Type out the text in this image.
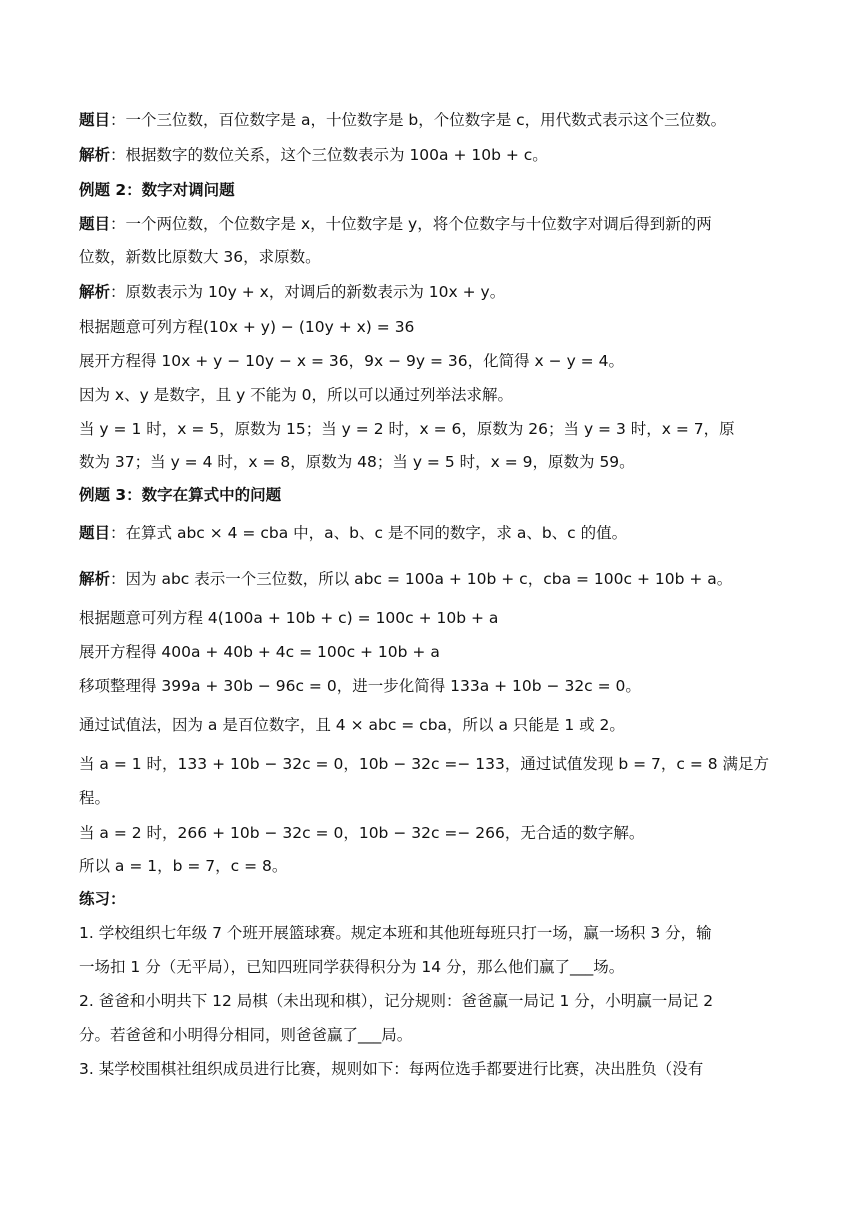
题目：一个三位数，百位数字是 a，十位数字是 b，个位数字是 c，用代数式表示这个三位数。

解析：根据数字的数位关系，这个三位数表示为 100a + 10b + c。

例题 2：数字对调问题

题目：一个两位数，个位数字是 x，十位数字是 y，将个位数字与十位数字对调后得到新的两

位数，新数比原数大 36，求原数。

解析：原数表示为 10y + x，对调后的新数表示为 10x + y。

根据题意可列方程(10x + y) − (10y + x) = 36

展开方程得 10x + y − 10y − x = 36，9x − 9y = 36，化简得 x − y = 4。

因为 x、y 是数字，且 y 不能为 0，所以可以通过列举法求解。

当 y = 1 时，x = 5，原数为 15；当 y = 2 时，x = 6，原数为 26；当 y = 3 时，x = 7，原

数为 37；当 y = 4 时，x = 8，原数为 48；当 y = 5 时，x = 9，原数为 59。

例题 3：数字在算式中的问题

题目：在算式 abc × 4 = cba 中，a、b、c 是不同的数字，求 a、b、c 的值。

解析：因为 abc 表示一个三位数，所以 abc = 100a + 10b + c，cba = 100c + 10b + a。

根据题意可列方程 4(100a + 10b + c) = 100c + 10b + a

展开方程得 400a + 40b + 4c = 100c + 10b + a

移项整理得 399a + 30b − 96c = 0，进一步化简得 133a + 10b − 32c = 0。

通过试值法，因为 a 是百位数字，且 4 × abc = cba，所以 a 只能是 1 或 2。

当 a = 1 时，133 + 10b − 32c = 0，10b − 32c =− 133，通过试值发现 b = 7，c = 8 满足方

程。

当 a = 2 时，266 + 10b − 32c = 0，10b − 32c =− 266，无合适的数字解。

所以 a = 1，b = 7，c = 8。

练习：

1. 学校组织七年级 7 个班开展篮球赛。规定本班和其他班每班只打一场，赢一场积 3 分，输

一场扣 1 分（无平局），已知四班同学获得积分为 14 分，那么他们赢了___场。

2. 爸爸和小明共下 12 局棋（未出现和棋），记分规则：爸爸赢一局记 1 分，小明赢一局记 2

分。若爸爸和小明得分相同，则爸爸赢了___局。

3. 某学校围棋社组织成员进行比赛，规则如下：每两位选手都要进行比赛，决出胜负（没有
